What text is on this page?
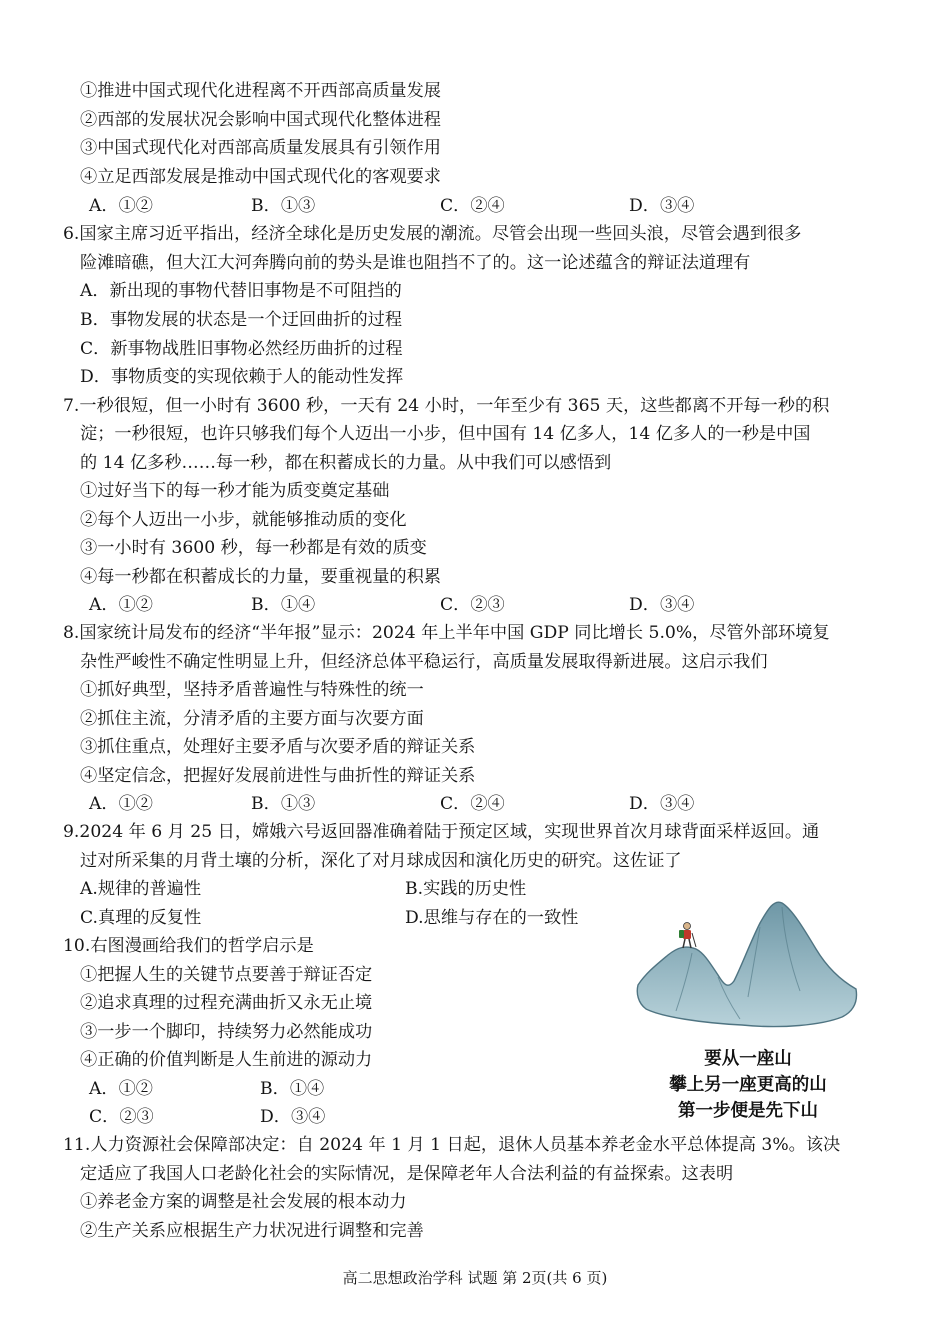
①推进中国式现代化进程离不开西部高质量发展
②西部的发展状况会影响中国式现代化整体进程
③中国式现代化对西部高质量发展具有引领作用
④立足西部发展是推动中国式现代化的客观要求
A．①②	B．①③	C．②④	D．③④
6.国家主席习近平指出，经济全球化是历史发展的潮流。尽管会出现一些回头浪，尽管会遇到很多
险滩暗礁，但大江大河奔腾向前的势头是谁也阻挡不了的。这一论述蕴含的辩证法道理有
A．新出现的事物代替旧事物是不可阻挡的
B．事物发展的状态是一个迂回曲折的过程
C．新事物战胜旧事物必然经历曲折的过程
D．事物质变的实现依赖于人的能动性发挥
7.一秒很短，但一小时有 3600 秒，一天有 24 小时，一年至少有 365 天，这些都离不开每一秒的积
淀；一秒很短，也许只够我们每个人迈出一小步，但中国有 14 亿多人，14 亿多人的一秒是中国
的 14 亿多秒……每一秒，都在积蓄成长的力量。从中我们可以感悟到
①过好当下的每一秒才能为质变奠定基础
②每个人迈出一小步，就能够推动质的变化
③一小时有 3600 秒，每一秒都是有效的质变
④每一秒都在积蓄成长的力量，要重视量的积累
A．①②	B．①④	C．②③	D．③④
8.国家统计局发布的经济“半年报”显示：2024 年上半年中国 GDP 同比增长 5.0%，尽管外部环境复
杂性严峻性不确定性明显上升，但经济总体平稳运行，高质量发展取得新进展。这启示我们
①抓好典型，坚持矛盾普遍性与特殊性的统一
②抓住主流，分清矛盾的主要方面与次要方面
③抓住重点，处理好主要矛盾与次要矛盾的辩证关系
④坚定信念，把握好发展前进性与曲折性的辩证关系
A．①②	B．①③	C．②④	D．③④
9.2024 年 6 月 25 日，嫦娥六号返回器准确着陆于预定区域，实现世界首次月球背面采样返回。通
过对所采集的月背土壤的分析，深化了对月球成因和演化历史的研究。这佐证了
A.规律的普遍性	B.实践的历史性
C.真理的反复性	D.思维与存在的一致性
10.右图漫画给我们的哲学启示是
①把握人生的关键节点要善于辩证否定
②追求真理的过程充满曲折又永无止境
③一步一个脚印，持续努力必然能成功
④正确的价值判断是人生前进的源动力
A．①②	B．①④
C．②③	D．③④
要从一座山
攀上另一座更高的山
第一步便是先下山
11.人力资源社会保障部决定：自 2024 年 1 月 1 日起，退休人员基本养老金水平总体提高 3%。该决
定适应了我国人口老龄化社会的实际情况，是保障老年人合法利益的有益探索。这表明
①养老金方案的调整是社会发展的根本动力
②生产关系应根据生产力状况进行调整和完善
高二思想政治学科 试题 第 2页(共 6 页)
